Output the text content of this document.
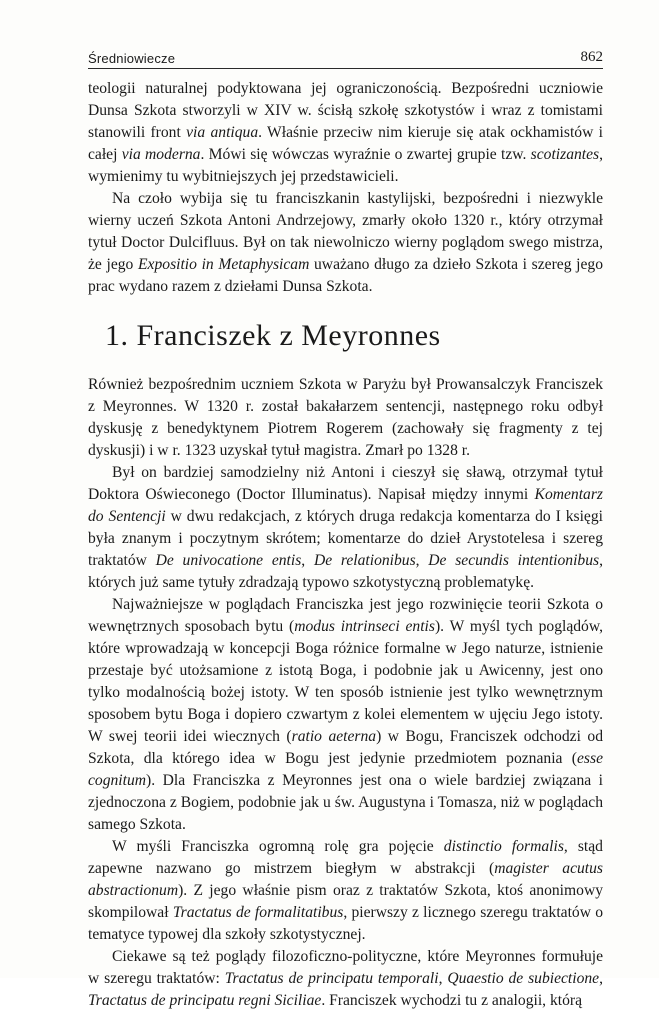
Średniowiecze	862

teologii naturalnej podyktowana jej ograniczonością. Bezpośredni uczniowie Dunsa Szkota stworzyli w XIV w. ścisłą szkołę szkotystów i wraz z tomistami stanowili front via antiqua. Właśnie przeciw nim kieruje się atak ockhamistów i całej via moderna. Mówi się wówczas wyraźnie o zwartej grupie tzw. scotizantes, wymienimy tu wybitniejszych jej przedstawicieli.

Na czoło wybija się tu franciszkanin kastylijski, bezpośredni i niezwykle wierny uczeń Szkota Antoni Andrzejowy, zmarły około 1320 r., który otrzymał tytuł Doctor Dulcifluus. Był on tak niewolniczo wierny poglądom swego mistrza, że jego Expositio in Metaphysicam uważano długo za dzieło Szkota i szereg jego prac wydano razem z dziełami Dunsa Szkota.

1. Franciszek z Meyronnes

Również bezpośrednim uczniem Szkota w Paryżu był Prowansalczyk Franciszek z Meyronnes. W 1320 r. został bakałarzem sentencji, następnego roku odbył dyskusję z benedyktynem Piotrem Rogerem (zachowały się fragmenty z tej dyskusji) i w r. 1323 uzyskał tytuł magistra. Zmarł po 1328 r.

Był on bardziej samodzielny niż Antoni i cieszył się sławą, otrzymał tytuł Doktora Oświeconego (Doctor Illuminatus). Napisał między innymi Komentarz do Sentencji w dwu redakcjach, z których druga redakcja komentarza do I księgi była znanym i poczytnym skrótem; komentarze do dzieł Arystotelesa i szereg traktatów De univocatione entis, De relationibus, De secundis intentionibus, których już same tytuły zdradzają typowo szkotystyczną problematykę.

Najważniejsze w poglądach Franciszka jest jego rozwinięcie teorii Szkota o wewnętrznych sposobach bytu (modus intrinseci entis). W myśl tych poglądów, które wprowadzają w koncepcji Boga różnice formalne w Jego naturze, istnienie przestaje być utożsamione z istotą Boga, i podobnie jak u Awicenny, jest ono tylko modalnością bożej istoty. W ten sposób istnienie jest tylko wewnętrznym sposobem bytu Boga i dopiero czwartym z kolei elementem w ujęciu Jego istoty. W swej teorii idei wiecznych (ratio aeterna) w Bogu, Franciszek odchodzi od Szkota, dla którego idea w Bogu jest jedynie przedmiotem poznania (esse cognitum). Dla Franciszka z Meyronnes jest ona o wiele bardziej związana i zjednoczona z Bogiem, podobnie jak u św. Augustyna i Tomasza, niż w poglądach samego Szkota.

W myśli Franciszka ogromną rolę gra pojęcie distinctio formalis, stąd zapewne nazwano go mistrzem biegłym w abstrakcji (magister acutus abstractionum). Z jego właśnie pism oraz z traktatów Szkota, ktoś anonimowy skompilował Tractatus de formalitatibus, pierwszy z licznego szeregu traktatów o tematyce typowej dla szkoły szkotystycznej.

Ciekawe są też poglądy filozoficzno-polityczne, które Meyronnes formułuje w szeregu traktatów: Tractatus de principatu temporali, Quaestio de subiectione, Tractatus de principatu regni Siciliae. Franciszek wychodzi tu z analogii, którą
